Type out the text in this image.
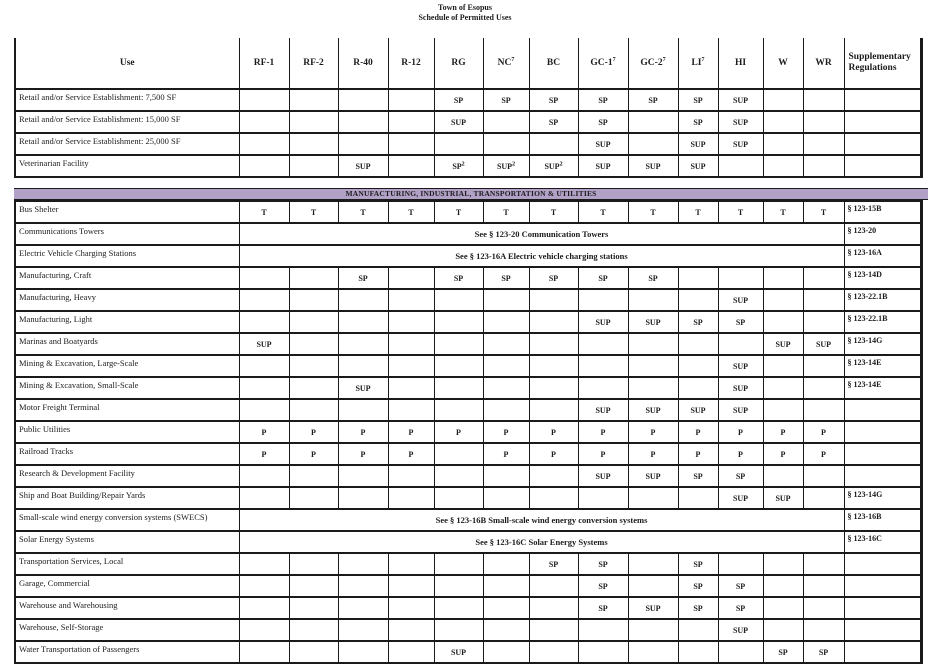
Town of Esopus
Schedule of Permitted Uses
Use	RF-1	RF-2	R-40	R-12	RG	$NC^7$	BC	$GC-1^7$	$GC-2^7$	$LI^7$	HI	W	WR	Supplementary Regulations
Retail and/or Service Establishment: 7,500 SF					SP	SP	SP	SP	SP	SP	SUP			
Retail and/or Service Establishment: 15,000 SF					SUP		SP	SP		SP	SUP			
Retail and/or Service Establishment: 25,000 SF								SUP		SUP	SUP			
Veterinarian Facility			SUP		$SP^2$	SUP$^2$	SUP$^2$	SUP	SUP	SUP				
MANUFACTURING, INDUSTRIAL, TRANSPORTATION & UTILITIES
Bus Shelter	T	T	T	T	T	T	T	T	T	T	T	T	T	§ 123-15B
Communications Towers	See § 123-20 Communication Towers													§ 123-20
Electric Vehicle Charging Stations	See § 123-16A Electric vehicle charging stations													§ 123-16A
Manufacturing, Craft			SP		SP	SP	SP	SP	SP					§ 123-14D
Manufacturing, Heavy											SUP			§ 123-22.1B
Manufacturing, Light								SUP	SUP	SP	SP			§ 123-22.1B
Marinas and Boatyards	SUP											SUP	SUP	§ 123-14G
Mining & Excavation, Large-Scale											SUP			§ 123-14E
Mining & Excavation, Small-Scale			SUP								SUP			§ 123-14E
Motor Freight Terminal								SUP	SUP	SUP	SUP			
Public Utilities	P	P	P	P	P	P	P	P	P	P	P	P	P	
Railroad Tracks	P	P	P	P		P	P	P	P	P	P	P	P	
Research & Development Facility								SUP	SUP	SP	SP			
Ship and Boat Building/Repair Yards											SUP	SUP		§ 123-14G
Small-scale wind energy conversion systems (SWECS)	See § 123-16B Small-scale wind energy conversion systems													§ 123-16B
Solar Energy Systems	See § 123-16C Solar Energy Systems													§ 123-16C
Transportation Services, Local							SP	SP		SP				
Garage, Commercial								SP		SP	SP			
Warehouse and Warehousing								SP	SUP	SP	SP			
Warehouse, Self-Storage											SUP			
Water Transportation of Passengers					SUP							SP	SP	
